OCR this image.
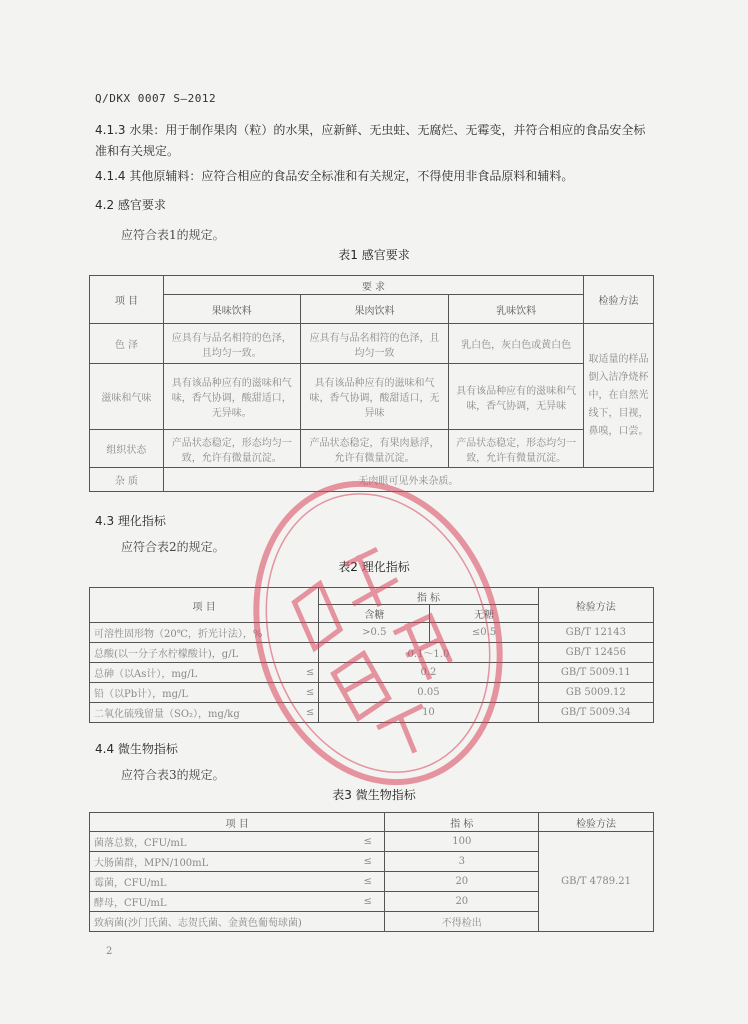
Q/DKX 0007 S—2012
4.1.3 水果：用于制作果肉（粒）的水果，应新鲜、无虫蛀、无腐烂、无霉变，并符合相应的食品安全标准和有关规定。
4.1.4 其他原辅料：应符合相应的食品安全标准和有关规定，不得使用非食品原料和辅料。
4.2 感官要求
应符合表1的规定。
表1 感官要求
项 目	要 求			检验方法
	果味饮料	果肉饮料	乳味饮料	
色 泽	应具有与品名相符的色泽，且均匀一致。	应具有与品名相符的色泽，且均匀一致	乳白色，灰白色或黄白色	取适量的样品倒入洁净烧杯中，在自然光线下，目视，鼻嗅，口尝。
滋味和气味	具有该品种应有的滋味和气味，香气协调，酸甜适口，无异味。	具有该品种应有的滋味和气味，香气协调，酸甜适口，无异味	具有该品种应有的滋味和气味，香气协调，无异味	
组织状态	产品状态稳定，形态均匀一致，允许有微量沉淀。	产品状态稳定，有果肉悬浮，允许有微量沉淀。	产品状态稳定，形态均匀一致，允许有微量沉淀。	
杂 质	无肉眼可见外来杂质。			
4.3 理化指标
应符合表2的规定。
表2 理化指标
项 目		指 标		检验方法
		含糖	无糖	
可溶性固形物（20℃，折光计法），%		>0.5	≤0.5	GB/T 12143
总酸(以一分子水柠檬酸计)，g/L		0.1～1.0		GB/T 12456
总砷（以As计），mg/L	≤	0.2		GB/T 5009.11
铅（以Pb计），mg/L	≤	0.05		GB 5009.12
二氧化硫残留量（SO₂），mg/kg	≤	10		GB/T 5009.34
4.4 微生物指标
应符合表3的规定。
表3 微生物指标
项 目		指 标	检验方法
菌落总数，CFU/mL	≤	100	GB/T 4789.21
大肠菌群，MPN/100mL	≤	3	
霉菌，CFU/mL	≤	20	
酵母，CFU/mL	≤	20	
致病菌(沙门氏菌、志贺氏菌、金黄色葡萄球菌)		不得检出	
2
